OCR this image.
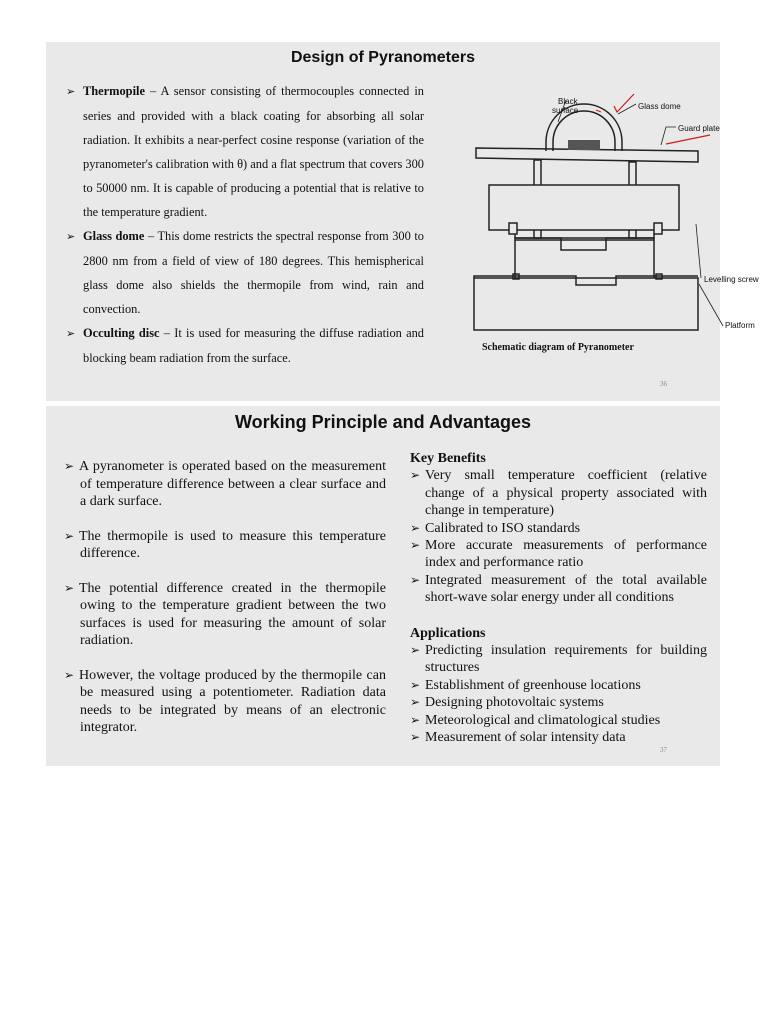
Design of Pyranometers

➢ Thermopile – A sensor consisting of thermocouples connected in series and provided with a black coating for absorbing all solar radiation. It exhibits a near-perfect cosine response (variation of the pyranometer's calibration with θ) and a flat spectrum that covers 300 to 50000 nm. It is capable of producing a potential that is relative to the temperature gradient.

➢ Glass dome – This dome restricts the spectral response from 300 to 2800 nm from a field of view of 180 degrees. This hemispherical glass dome also shields the thermopile from wind, rain and convection.

➢ Occulting disc – It is used for measuring the diffuse radiation and blocking beam radiation from the surface.

Black
surface	Glass dome
Guard plate
Levelling screw
Platform
Schematic diagram of Pyranometer
36
Working Principle and Advantages

➢ A pyranometer is operated based on the measurement of temperature difference between a clear surface and a dark surface.

➢ The thermopile is used to measure this temperature difference.

➢ The potential difference created in the thermopile owing to the temperature gradient between the two surfaces is used for measuring the amount of solar radiation.

➢ However, the voltage produced by the thermopile can be measured using a potentiometer. Radiation data needs to be integrated by means of an electronic integrator.

Key Benefits

➢ Very small temperature coefficient (relative change of a physical property associated with change in temperature)
➢ Calibrated to ISO standards
➢ More accurate measurements of performance index and performance ratio
➢ Integrated measurement of the total available short-wave solar energy under all conditions

Applications

➢ Predicting insulation requirements for building structures
➢ Establishment of greenhouse locations
➢ Designing photovoltaic systems
➢ Meteorological and climatological studies
➢ Measurement of solar intensity data
37
